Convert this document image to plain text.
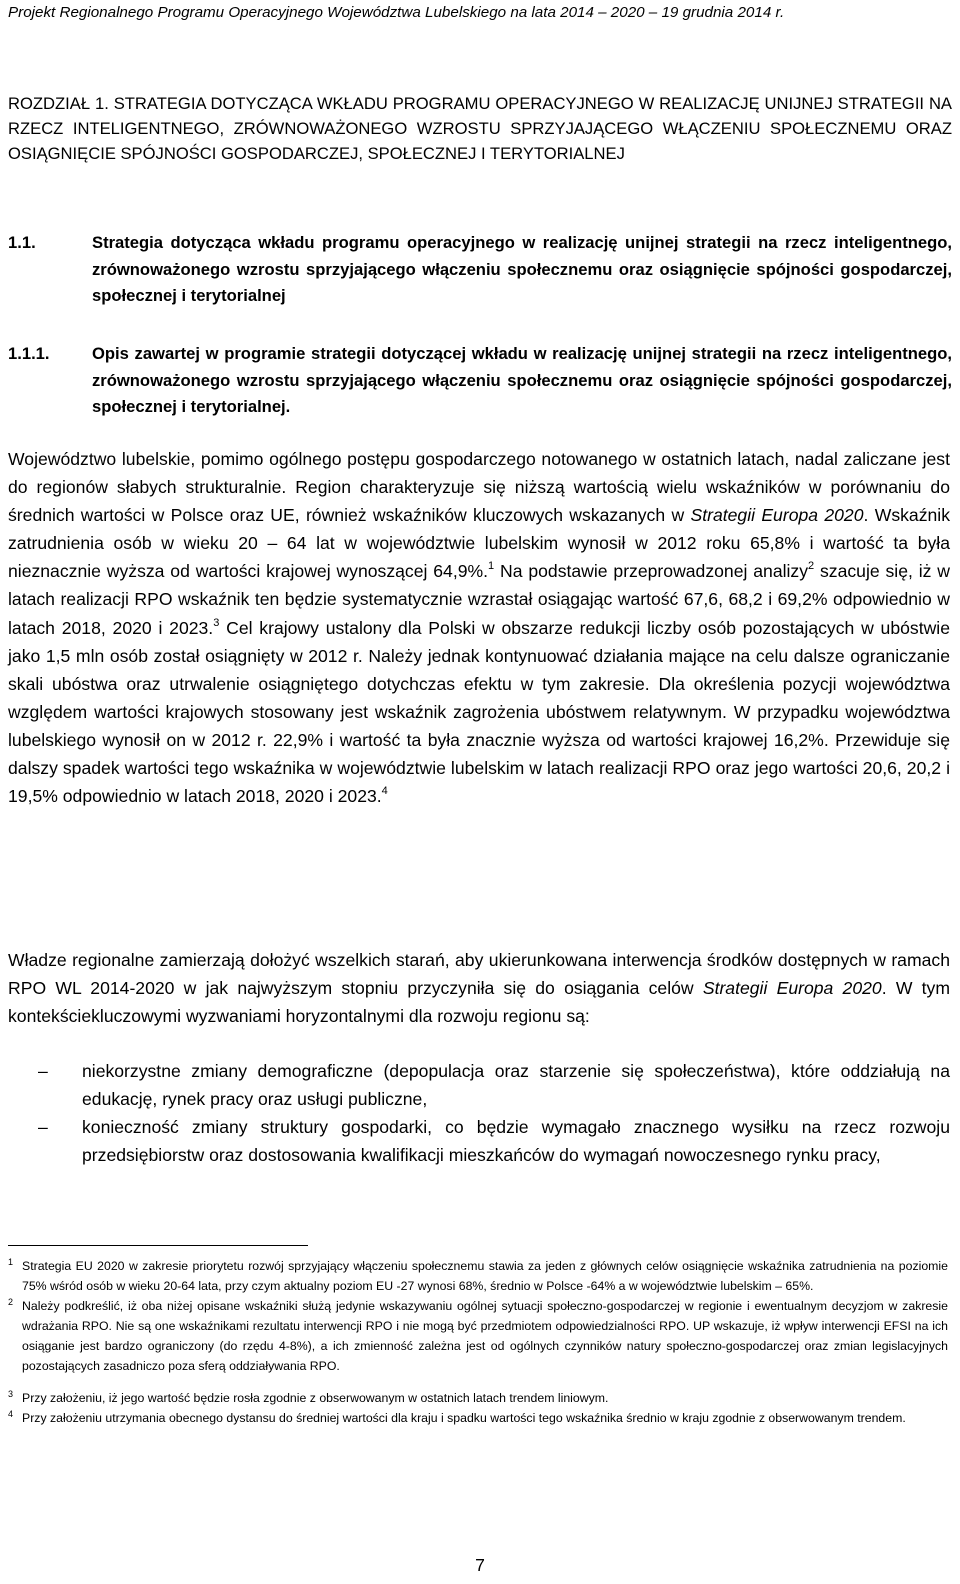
Projekt Regionalnego Programu Operacyjnego Województwa Lubelskiego na lata 2014 – 2020 – 19 grudnia 2014 r.
ROZDZIAŁ 1. STRATEGIA DOTYCZĄCA WKŁADU PROGRAMU OPERACYJNEGO W REALIZACJĘ UNIJNEJ STRATEGII NA RZECZ INTELIGENTNEGO, ZRÓWNOWAŻONEGO WZROSTU SPRZYJAJĄCEGO WŁĄCZENIU SPOŁECZNEMU ORAZ OSIĄGNIĘCIE SPÓJNOŚCI GOSPODARCZEJ, SPOŁECZNEJ I TERYTORIALNEJ
1.1.	Strategia dotycząca wkładu programu operacyjnego w realizację unijnej strategii na rzecz inteligentnego, zrównoważonego wzrostu sprzyjającego włączeniu społecznemu oraz osiągnięcie spójności gospodarczej, społecznej i terytorialnej
1.1.1.	Opis zawartej w programie strategii dotyczącej wkładu w realizację unijnej strategii na rzecz inteligentnego, zrównoważonego wzrostu sprzyjającego włączeniu społecznemu oraz osiągnięcie spójności gospodarczej, społecznej i terytorialnej.
Województwo lubelskie, pomimo ogólnego postępu gospodarczego notowanego w ostatnich latach, nadal zaliczane jest do regionów słabych strukturalnie. Region charakteryzuje się niższą wartością wielu wskaźników w porównaniu do średnich wartości w Polsce oraz UE, również wskaźników kluczowych wskazanych w Strategii Europa 2020. Wskaźnik zatrudnienia osób w wieku 20 – 64 lat w województwie lubelskim wynosił w 2012 roku 65,8% i wartość ta była nieznacznie wyższa od wartości krajowej wynoszącej 64,9%.$^1$ Na podstawie przeprowadzonej analizy$^2$ szacuje się, iż w latach realizacji RPO wskaźnik ten będzie systematycznie wzrastał osiągając wartość 67,6, 68,2 i 69,2% odpowiednio w latach 2018, 2020 i 2023.$^3$ Cel krajowy ustalony dla Polski w obszarze redukcji liczby osób pozostających w ubóstwie jako 1,5 mln osób został osiągnięty w 2012 r. Należy jednak kontynuować działania mające na celu dalsze ograniczanie skali ubóstwa oraz utrwalenie osiągniętego dotychczas efektu w tym zakresie. Dla określenia pozycji województwa względem wartości krajowych stosowany jest wskaźnik zagrożenia ubóstwem relatywnym. W przypadku województwa lubelskiego wynosił on w 2012 r. 22,9% i wartość ta była znacznie wyższa od wartości krajowej 16,2%. Przewiduje się dalszy spadek wartości tego wskaźnika w województwie lubelskim w latach realizacji RPO oraz jego wartości 20,6, 20,2 i 19,5% odpowiednio w latach 2018, 2020 i 2023.$^4$
Władze regionalne zamierzają dołożyć wszelkich starań, aby ukierunkowana interwencja środków dostępnych w ramach RPO WL 2014-2020 w jak najwyższym stopniu przyczyniła się do osiągania celów Strategii Europa 2020. W tym kontekściekluczowymi wyzwaniami horyzontalnymi dla rozwoju regionu są:
– niekorzystne zmiany demograficzne (depopulacja oraz starzenie się społeczeństwa), które oddziałują na edukację, rynek pracy oraz usługi publiczne,
– konieczność zmiany struktury gospodarki, co będzie wymagało znacznego wysiłku na rzecz rozwoju przedsiębiorstw oraz dostosowania kwalifikacji mieszkańców do wymagań nowoczesnego rynku pracy,
1 Strategia EU 2020 w zakresie priorytetu rozwój sprzyjający włączeniu społecznemu stawia za jeden z głównych celów osiągnięcie wskaźnika zatrudnienia na poziomie 75% wśród osób w wieku 20-64 lata, przy czym aktualny poziom EU -27 wynosi 68%, średnio w Polsce -64% a w województwie lubelskim – 65%.
2 Należy podkreślić, iż oba niżej opisane wskaźniki służą jedynie wskazywaniu ogólnej sytuacji społeczno-gospodarczej w regionie i ewentualnym decyzjom w zakresie wdrażania RPO. Nie są one wskaźnikami rezultatu interwencji RPO i nie mogą być przedmiotem odpowiedzialności RPO. UP wskazuje, iż wpływ interwencji EFSI na ich osiąganie jest bardzo ograniczony (do rzędu 4-8%), a ich zmienność zależna jest od ogólnych czynników natury społeczno-gospodarczej oraz zmian legislacyjnych pozostających zasadniczo poza sferą oddziaływania RPO.
3 Przy założeniu, iż jego wartość będzie rosła zgodnie z obserwowanym w ostatnich latach trendem liniowym.
4 Przy założeniu utrzymania obecnego dystansu do średniej wartości dla kraju i spadku wartości tego wskaźnika średnio w kraju zgodnie z obserwowanym trendem.
7
